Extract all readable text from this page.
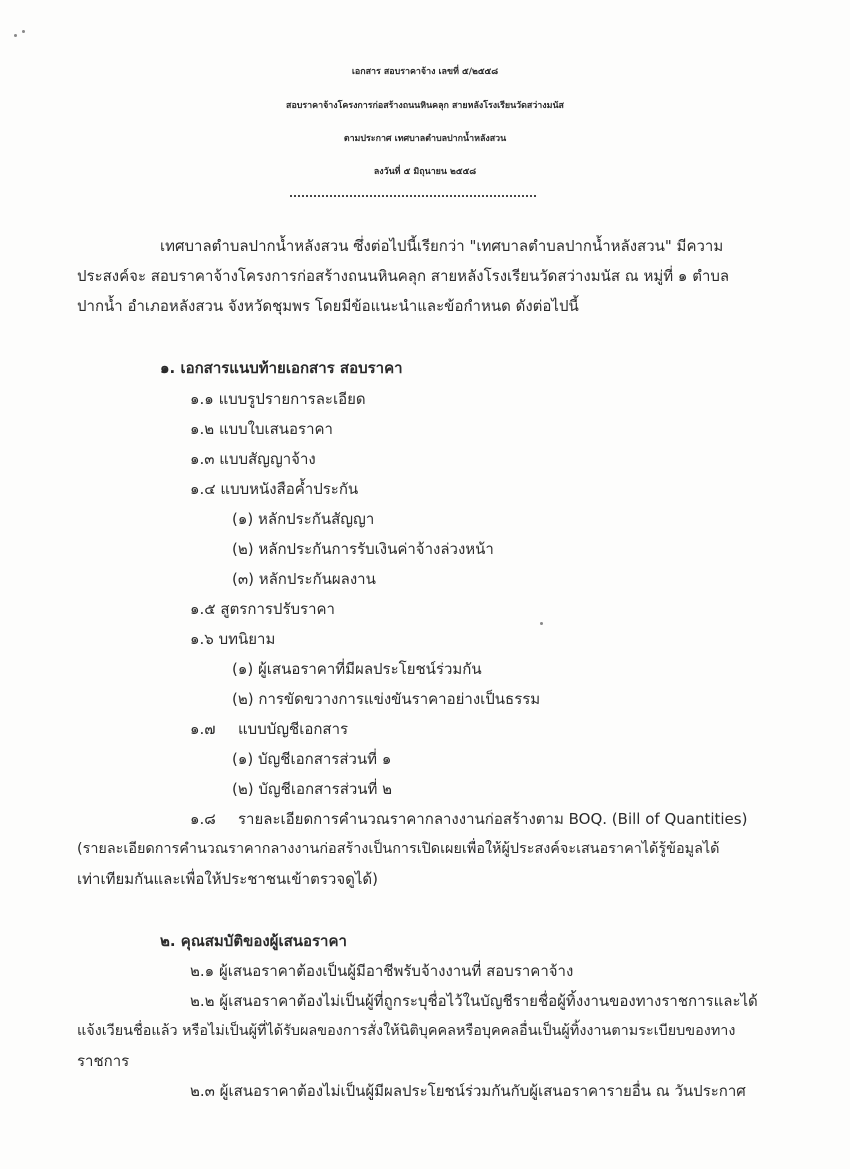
เอกสาร สอบราคาจ้าง เลขที่ ๕/๒๕๕๘
สอบราคาจ้างโครงการก่อสร้างถนนหินคลุก สายหลังโรงเรียนวัดสว่างมนัส
ตามประกาศ เทศบาลตำบลปากน้ำหลังสวน
ลงวันที่ ๕ มิถุนายน ๒๕๕๘
เทศบาลตำบลปากน้ำหลังสวน ซึ่งต่อไปนี้เรียกว่า "เทศบาลตำบลปากน้ำหลังสวน" มีความ
ประสงค์จะ สอบราคาจ้างโครงการก่อสร้างถนนหินคลุก สายหลังโรงเรียนวัดสว่างมนัส ณ หมู่ที่ ๑ ตำบล
ปากน้ำ อำเภอหลังสวน จังหวัดชุมพร โดยมีข้อแนะนำและข้อกำหนด ดังต่อไปนี้
๑. เอกสารแนบท้ายเอกสาร สอบราคา
๑.๑ แบบรูปรายการละเอียด
๑.๒ แบบใบเสนอราคา
๑.๓ แบบสัญญาจ้าง
๑.๔ แบบหนังสือค้ำประกัน
(๑) หลักประกันสัญญา
(๒) หลักประกันการรับเงินค่าจ้างล่วงหน้า
(๓) หลักประกันผลงาน
๑.๕ สูตรการปรับราคา
๑.๖ บทนิยาม
(๑) ผู้เสนอราคาที่มีผลประโยชน์ร่วมกัน
(๒) การขัดขวางการแข่งขันราคาอย่างเป็นธรรม
๑.๗ แบบบัญชีเอกสาร
(๑) บัญชีเอกสารส่วนที่ ๑
(๒) บัญชีเอกสารส่วนที่ ๒
๑.๘ รายละเอียดการคำนวณราคากลางงานก่อสร้างตาม BOQ. (Bill of Quantities)
(รายละเอียดการคำนวณราคากลางงานก่อสร้างเป็นการเปิดเผยเพื่อให้ผู้ประสงค์จะเสนอราคาได้รู้ข้อมูลได้
เท่าเทียมกันและเพื่อให้ประชาชนเข้าตรวจดูได้)
๒. คุณสมบัติของผู้เสนอราคา
๒.๑ ผู้เสนอราคาต้องเป็นผู้มีอาชีพรับจ้างงานที่ สอบราคาจ้าง
๒.๒ ผู้เสนอราคาต้องไม่เป็นผู้ที่ถูกระบุชื่อไว้ในบัญชีรายชื่อผู้ทิ้งงานของทางราชการและได้
แจ้งเวียนชื่อแล้ว หรือไม่เป็นผู้ที่ได้รับผลของการสั่งให้นิติบุคคลหรือบุคคลอื่นเป็นผู้ทิ้งงานตามระเบียบของทาง
ราชการ
๒.๓ ผู้เสนอราคาต้องไม่เป็นผู้มีผลประโยชน์ร่วมกันกับผู้เสนอราคารายอื่น ณ วันประกาศ
